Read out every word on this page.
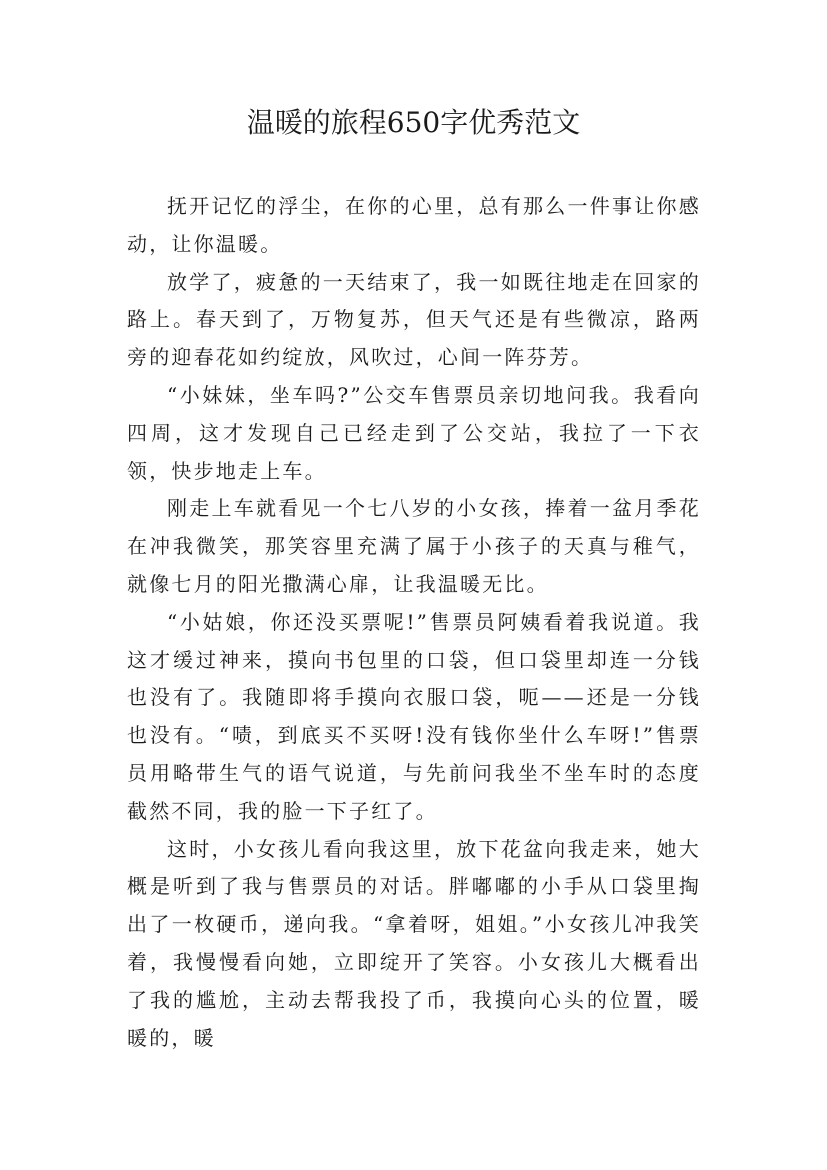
温暖的旅程650字优秀范文

抚开记忆的浮尘，在你的心里，总有那么一件事让你感动，让你温暖。

放学了，疲惫的一天结束了，我一如既往地走在回家的路上。春天到了，万物复苏，但天气还是有些微凉，路两旁的迎春花如约绽放，风吹过，心间一阵芬芳。

“小妹妹，坐车吗?”公交车售票员亲切地问我。我看向四周，这才发现自己已经走到了公交站，我拉了一下衣领，快步地走上车。

刚走上车就看见一个七八岁的小女孩，捧着一盆月季花在冲我微笑，那笑容里充满了属于小孩子的天真与稚气，就像七月的阳光撒满心扉，让我温暖无比。

“小姑娘，你还没买票呢!”售票员阿姨看着我说道。我这才缓过神来，摸向书包里的口袋，但口袋里却连一分钱也没有了。我随即将手摸向衣服口袋，呃——还是一分钱也没有。“啧，到底买不买呀!没有钱你坐什么车呀!”售票员用略带生气的语气说道，与先前问我坐不坐车时的态度截然不同，我的脸一下子红了。

这时，小女孩儿看向我这里，放下花盆向我走来，她大概是听到了我与售票员的对话。胖嘟嘟的小手从口袋里掏出了一枚硬币，递向我。“拿着呀，姐姐。”小女孩儿冲我笑着，我慢慢看向她，立即绽开了笑容。小女孩儿大概看出了我的尴尬，主动去帮我投了币，我摸向心头的位置，暖暖的，暖
